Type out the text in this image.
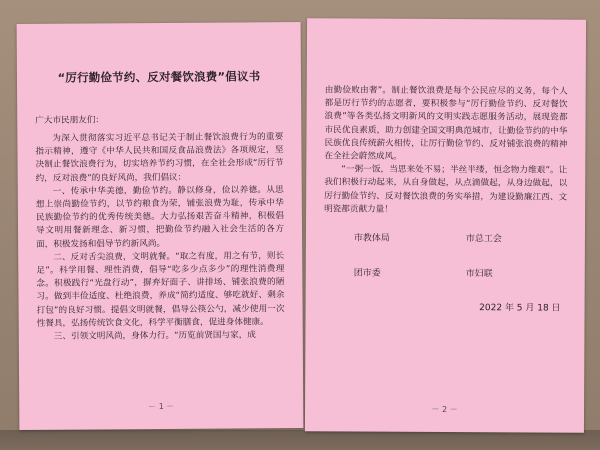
“厉行勤俭节约、反对餐饮浪费”倡议书
广大市民朋友们：

为深入贯彻落实习近平总书记关于制止餐饮浪费行为的重要指示精神，遵守《中华人民共和国反食品浪费法》各项规定，坚决制止餐饮浪费行为，切实培养节约习惯，在全社会形成“厉行节约，反对浪费”的良好风尚，我们倡议：

一、传承中华美德，勤俭节约。静以修身，俭以养德。从思想上崇尚勤俭节约，以节约粮食为荣，铺张浪费为耻，传承中华民族勤俭节约的优秀传统美德。大力弘扬艰苦奋斗精神，积极倡导文明用餐新理念、新习惯，把勤俭节约融入社会生活的各方面，积极发扬和倡导节约新风尚。

二、反对舌尖浪费，文明就餐。“取之有度，用之有节，则长足”。科学用餐、理性消费，倡导“吃多少点多少”的理性消费理念。积极践行“光盘行动”，摒弃好面子、讲排场、铺张浪费的陋习。做到丰俭适度、杜绝浪费，养成“简约适度、够吃就好、剩余打包”的良好习惯。提倡文明就餐，倡导公筷公勺，减少使用一次性餐具，弘扬传统饮食文化，科学平衡膳食，促进身体健康。

三、引领文明风尚，身体力行。“历览前贤国与家，成

－ 1 －

由勤俭败由奢”。制止餐饮浪费是每个公民应尽的义务，每个人都是厉行节约的志愿者，要积极参与“厉行勤俭节约、反对餐饮浪费”等各类弘扬文明新风的文明实践志愿服务活动，展现瓷都市民优良素质，助力创建全国文明典范城市，让勤俭节约的中华民族优良传统薪火相传，让厉行勤俭节约、反对铺张浪费的精神在全社会蔚然成风。

“一粥一饭，当思来处不易；半丝半缕，恒念物力维艰”。让我们积极行动起来，从自身做起，从点滴做起，从身边做起，以厉行勤俭节约、反对餐饮浪费的务实举措，为建设勤廉江西、文明瓷都贡献力量！

市教体局	市总工会
团市委	市妇联
2022 年 5 月 18 日
－ 2 －
